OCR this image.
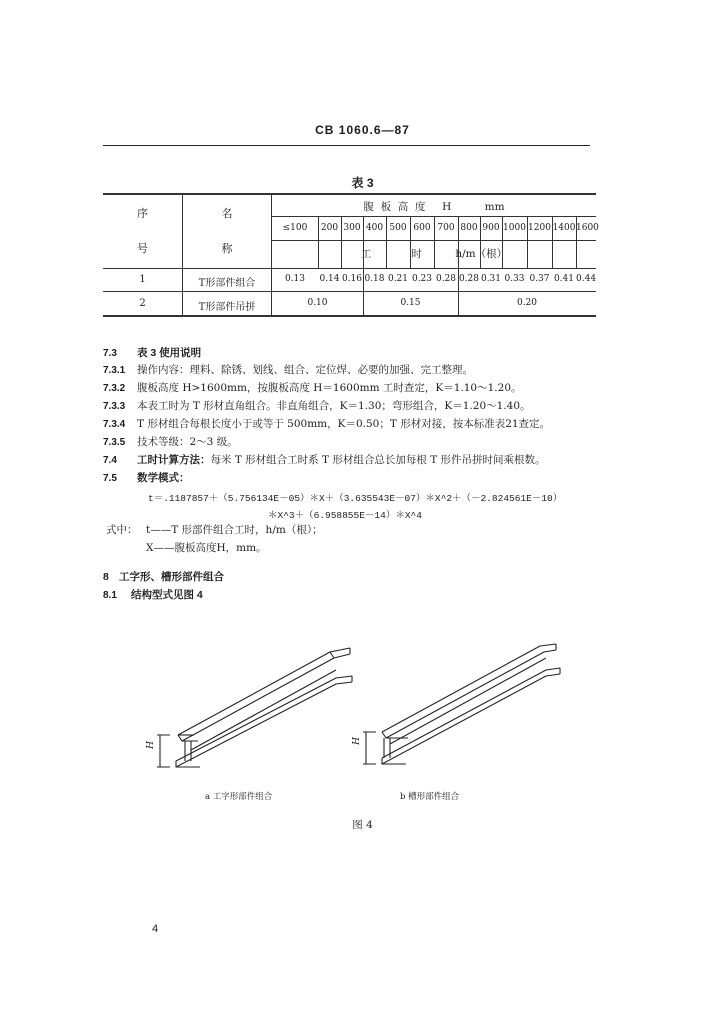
CB 1060.6—87
表 3
序
号
名
称
腹  板  高  度     H          mm
工            时          h/m（根）
≤100	200 300 400 500 600 700 800 900 1000 1200 1400 1600
1	T形部件组合	0.13	0.14 0.16 0.18 0.21 0.23 0.28 0.28 0.31 0.33 0.37 0.41 0.44
2	T形部件吊拼	0.10	0.15	0.20
7.3 表 3 使用说明
7.3.1 操作内容：理料、除锈、划线、组合、定位焊、必要的加强、完工整理。
7.3.2 腹板高度 H>1600mm，按腹板高度 H＝1600mm 工时查定，K＝1.10～1.20。
7.3.3 本表工时为 T 形材直角组合。非直角组合，K＝1.30；弯形组合，K＝1.20～1.40。
7.3.4 T 形材组合每根长度小于或等于 500mm，K＝0.50；T 形材对接，按本标准表21查定。
7.3.5 技术等级：2～3 级。
7.4 工时计算方法：每米 T 形材组合工时系 T 形材组合总长加每根 T 形件吊拼时间乘根数。
7.5 数学模式：
t＝.1187857＋（5.756134E－05）＊X＋（3.635543E－07）＊X^2＋（－2.824561E－10）
＊X^3＋（6.958855E－14）＊X^4
式中： t——T 形部件组合工时，h/m（根）；
X——腹板高度H，mm。
8 工字形、槽形部件组合
8.1 结构型式见图 4
H
H
a 工字形部件组合	b 槽形部件组合
图 4
4
